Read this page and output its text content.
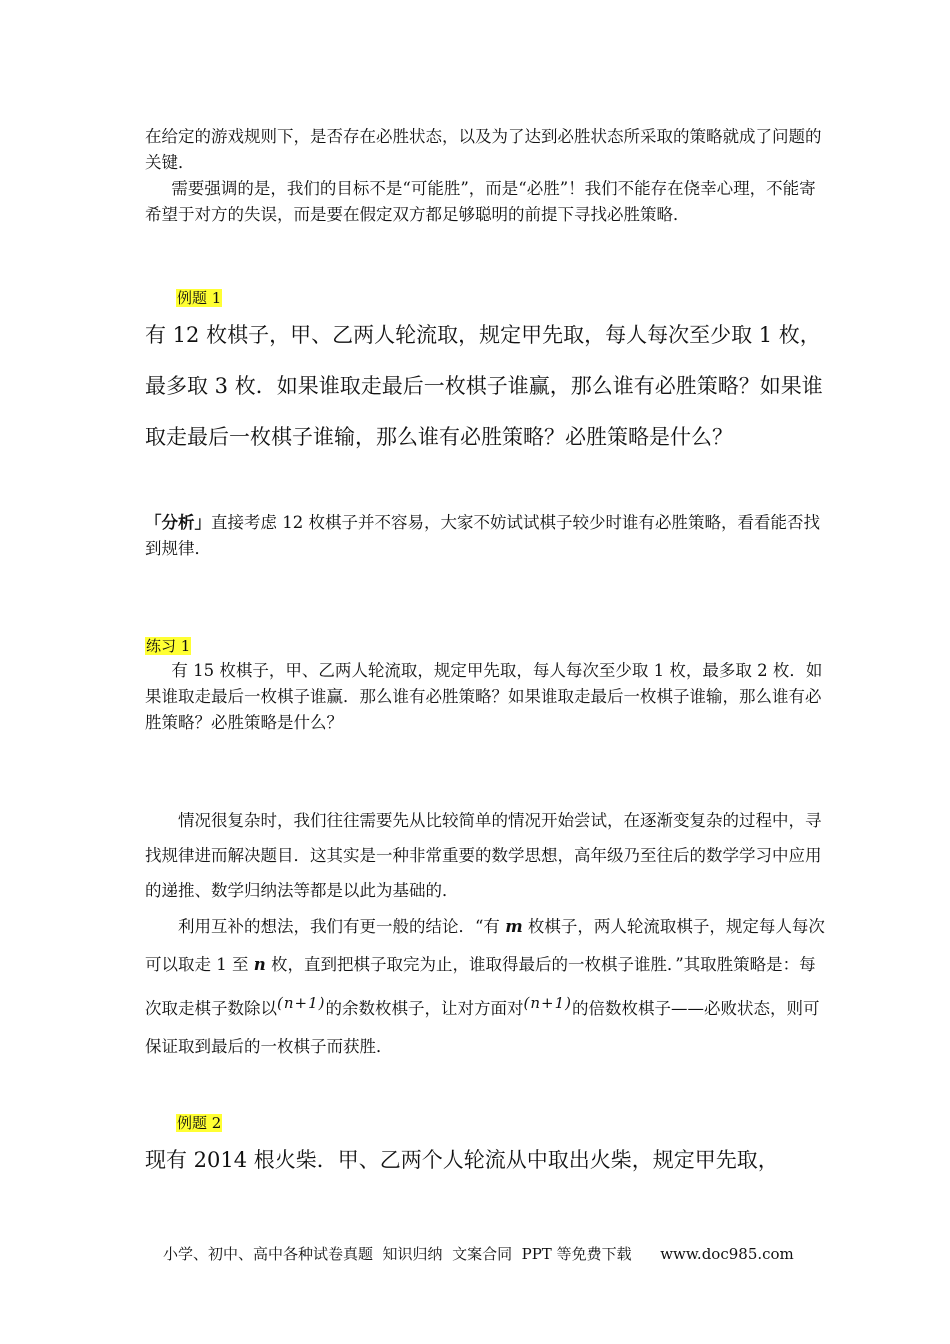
在给定的游戏规则下，是否存在必胜状态，以及为了达到必胜状态所采取的策略就成了问题的关键．

需要强调的是，我们的目标不是“可能胜”，而是“必胜”！我们不能存在侥幸心理，不能寄希望于对方的失误，而是要在假定双方都足够聪明的前提下寻找必胜策略．

例题 1

有 12 枚棋子，甲、乙两人轮流取，规定甲先取，每人每次至少取 1 枚，最多取 3 枚．如果谁取走最后一枚棋子谁赢，那么谁有必胜策略？如果谁取走最后一枚棋子谁输，那么谁有必胜策略？必胜策略是什么？

「分析」直接考虑 12 枚棋子并不容易，大家不妨试试棋子较少时谁有必胜策略，看看能否找到规律．

练习 1

有 15 枚棋子，甲、乙两人轮流取，规定甲先取，每人每次至少取 1 枚，最多取 2 枚．如果谁取走最后一枚棋子谁赢．那么谁有必胜策略？如果谁取走最后一枚棋子谁输，那么谁有必胜策略？必胜策略是什么？

情况很复杂时，我们往往需要先从比较简单的情况开始尝试，在逐渐变复杂的过程中，寻找规律进而解决题目．这其实是一种非常重要的数学思想，高年级乃至往后的数学学习中应用的递推、数学归纳法等都是以此为基础的．

利用互补的想法，我们有更一般的结论．“有 m 枚棋子，两人轮流取棋子，规定每人每次可以取走 1 至 n 枚，直到把棋子取完为止，谁取得最后的一枚棋子谁胜．”其取胜策略是：每次取走棋子数除以(n+1)的余数枚棋子，让对方面对(n+1)的倍数枚棋子——必败状态，则可保证取到最后的一枚棋子而获胜．

例题 2

现有 2014 根火柴．甲、乙两个人轮流从中取出火柴，规定甲先取，

小学、初中、高中各种试卷真题  知识归纳  文案合同  PPT 等免费下载 www.doc985.com
